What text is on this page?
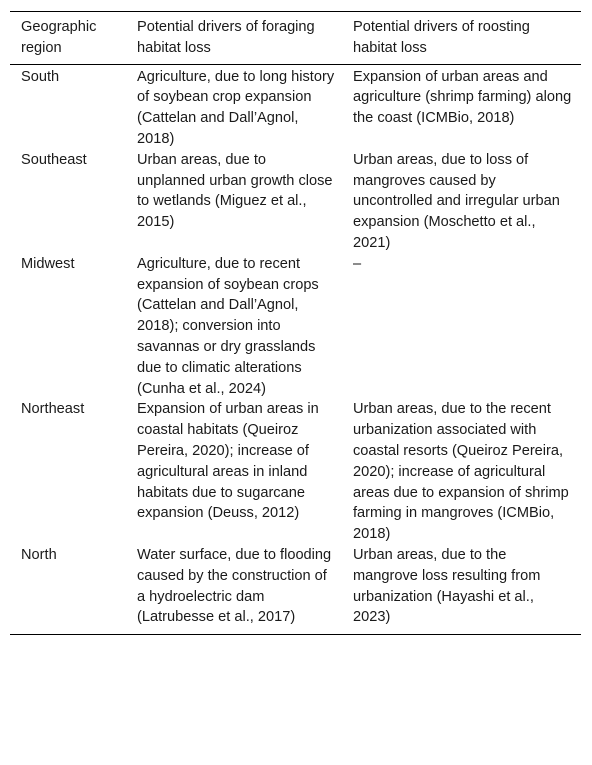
Geographic region	Potential drivers of foraging habitat loss	Potential drivers of roosting habitat loss
South	Agriculture, due to long history of soybean crop expansion (Cattelan and Dall’Agnol, 2018)	Expansion of urban areas and agriculture (shrimp farming) along the coast (ICMBio, 2018)
Southeast	Urban areas, due to unplanned urban growth close to wetlands (Miguez et al., 2015)	Urban areas, due to loss of mangroves caused by uncontrolled and irregular urban expansion (Moschetto et al., 2021)
Midwest	Agriculture, due to recent expansion of soybean crops (Cattelan and Dall’Agnol, 2018); conversion into savannas or dry grasslands due to climatic alterations (Cunha et al., 2024)	–
Northeast	Expansion of urban areas in coastal habitats (Queiroz Pereira, 2020); increase of agricultural areas in inland habitats due to sugarcane expansion (Deuss, 2012)	Urban areas, due to the recent urbanization associated with coastal resorts (Queiroz Pereira, 2020); increase of agricultural areas due to expansion of shrimp farming in mangroves (ICMBio, 2018)
North	Water surface, due to flooding caused by the construction of a hydroelectric dam (Latrubesse et al., 2017)	Urban areas, due to the mangrove loss resulting from urbanization (Hayashi et al., 2023)
